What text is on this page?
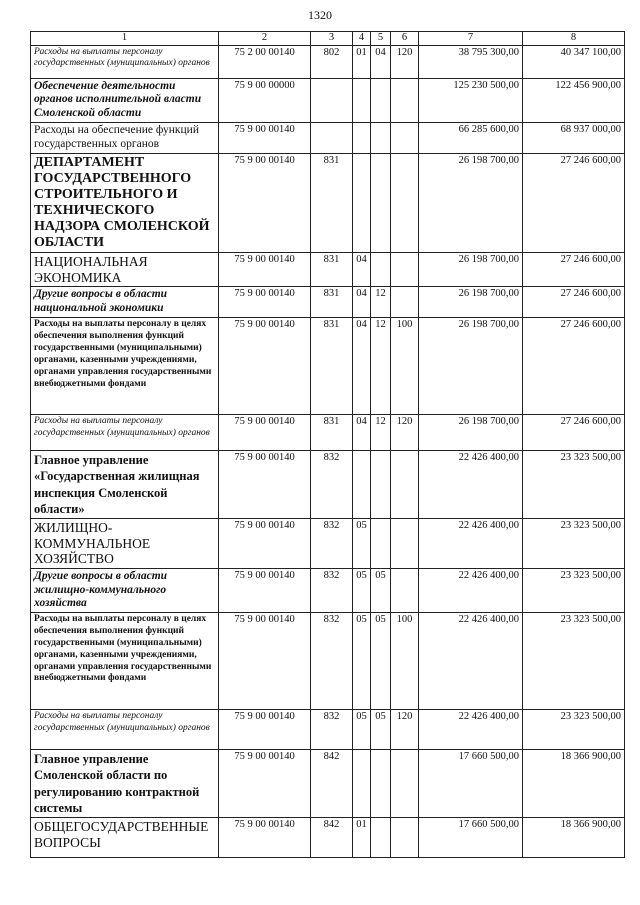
1320
1	2	3	4	5	6	7	8
Расходы на выплаты персоналу государственных (муниципальных) органов	75 2 00 00140	802	01	04	120	38 795 300,00	40 347 100,00
Обеспечение деятельности органов исполнительной власти Смоленской области	75 9 00 00000					125 230 500,00	122 456 900,00
Расходы на обеспечение функций государственных органов	75 9 00 00140					66 285 600,00	68 937 000,00
ДЕПАРТАМЕНТ ГОСУДАРСТВЕННОГО СТРОИТЕЛЬНОГО И ТЕХНИЧЕСКОГО НАДЗОРА СМОЛЕНСКОЙ ОБЛАСТИ	75 9 00 00140	831				26 198 700,00	27 246 600,00
НАЦИОНАЛЬНАЯ ЭКОНОМИКА	75 9 00 00140	831	04			26 198 700,00	27 246 600,00
Другие вопросы в области национальной экономики	75 9 00 00140	831	04	12		26 198 700,00	27 246 600,00
Расходы на выплаты персоналу в целях обеспечения выполнения функций государственными (муниципальными) органами, казенными учреждениями, органами управления государственными внебюджетными фондами	75 9 00 00140	831	04	12	100	26 198 700,00	27 246 600,00
Расходы на выплаты персоналу государственных (муниципальных) органов	75 9 00 00140	831	04	12	120	26 198 700,00	27 246 600,00
Главное управление «Государственная жилищная инспекция Смоленской области»	75 9 00 00140	832				22 426 400,00	23 323 500,00
ЖИЛИЩНО-КОММУНАЛЬНОЕ ХОЗЯЙСТВО	75 9 00 00140	832	05			22 426 400,00	23 323 500,00
Другие вопросы в области жилищно-коммунального хозяйства	75 9 00 00140	832	05	05		22 426 400,00	23 323 500,00
Расходы на выплаты персоналу в целях обеспечения выполнения функций государственными (муниципальными) органами, казенными учреждениями, органами управления государственными внебюджетными фондами	75 9 00 00140	832	05	05	100	22 426 400,00	23 323 500,00
Расходы на выплаты персоналу государственных (муниципальных) органов	75 9 00 00140	832	05	05	120	22 426 400,00	23 323 500,00
Главное управление Смоленской области по регулированию контрактной системы	75 9 00 00140	842				17 660 500,00	18 366 900,00
ОБЩЕГОСУДАРСТВЕННЫЕ ВОПРОСЫ	75 9 00 00140	842	01			17 660 500,00	18 366 900,00
